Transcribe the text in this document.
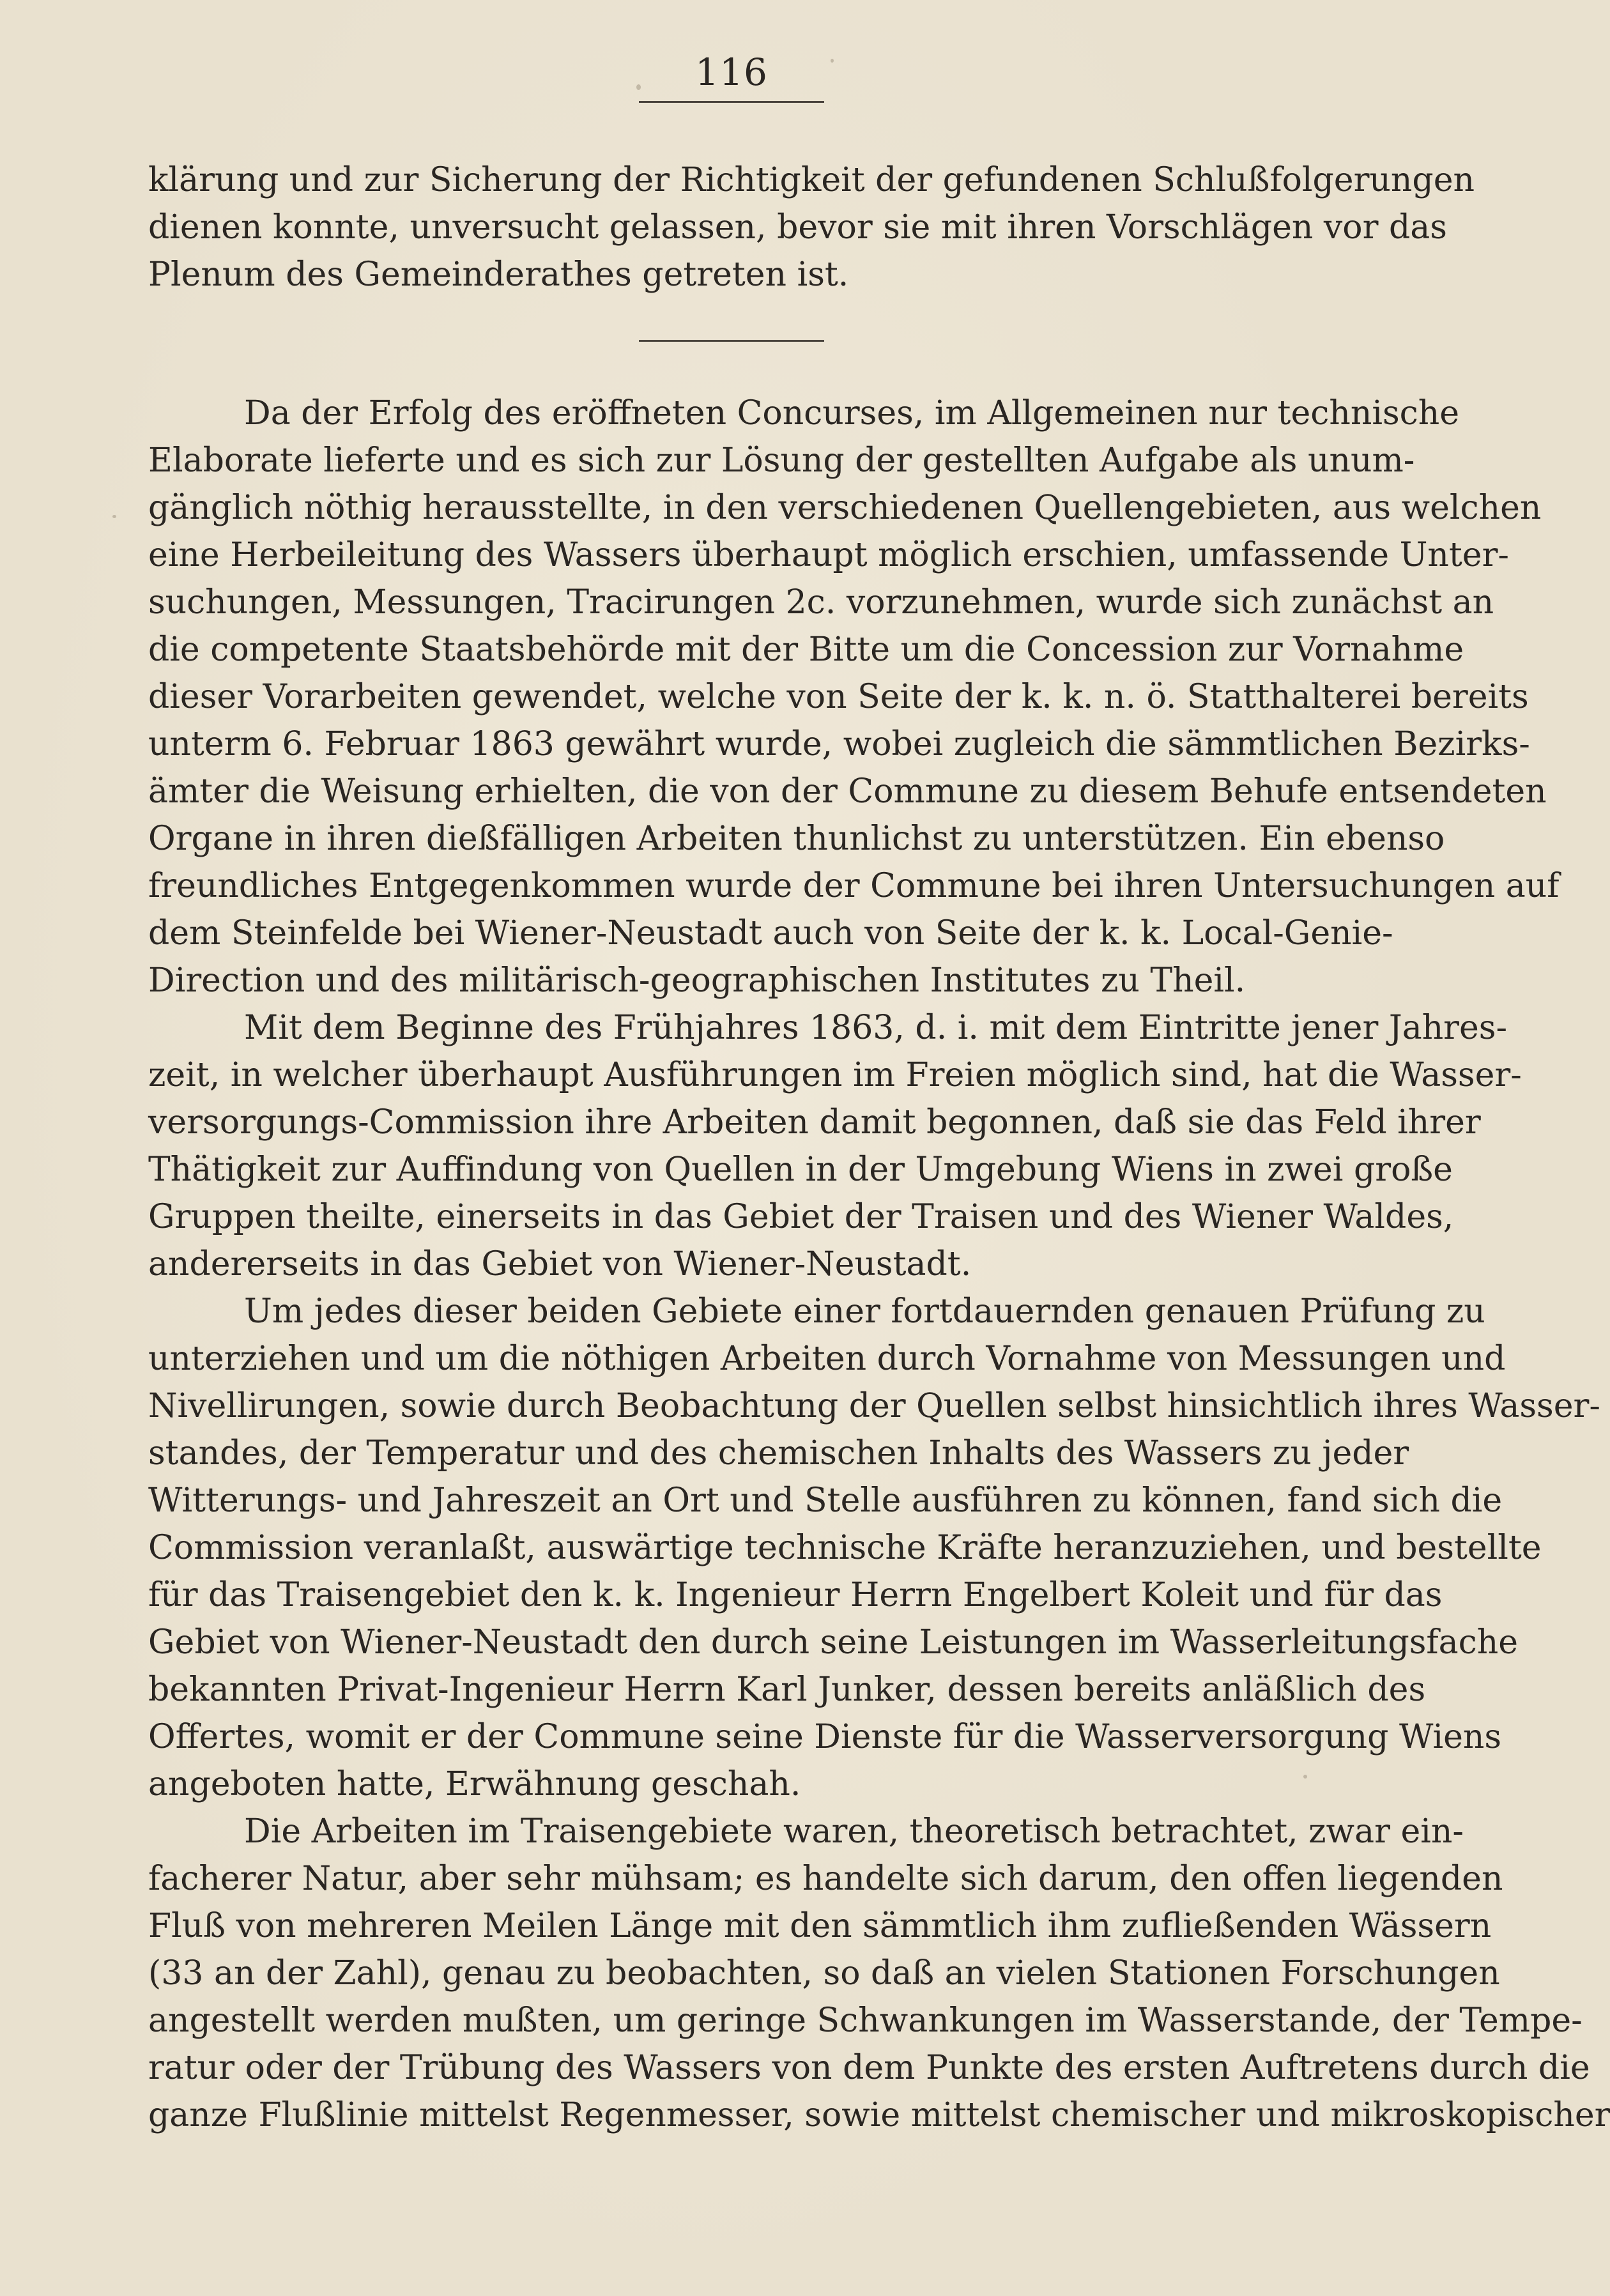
116
klärung und zur Sicherung der Richtigkeit der gefundenen Schlußfolgerungen
dienen konnte, unversucht gelassen, bevor sie mit ihren Vorschlägen vor das
Plenum des Gemeinderathes getreten ist.
Da der Erfolg des eröffneten Concurses, im Allgemeinen nur technische
Elaborate lieferte und es sich zur Lösung der gestellten Aufgabe als unum-
gänglich nöthig herausstellte, in den verschiedenen Quellengebieten, aus welchen
eine Herbeileitung des Wassers überhaupt möglich erschien, umfassende Unter-
suchungen, Messungen, Tracirungen 2c. vorzunehmen, wurde sich zunächst an
die competente Staatsbehörde mit der Bitte um die Concession zur Vornahme
dieser Vorarbeiten gewendet, welche von Seite der k. k. n. ö. Statthalterei bereits
unterm 6. Februar 1863 gewährt wurde, wobei zugleich die sämmtlichen Bezirks-
ämter die Weisung erhielten, die von der Commune zu diesem Behufe entsendeten
Organe in ihren dießfälligen Arbeiten thunlichst zu unterstützen. Ein ebenso
freundliches Entgegenkommen wurde der Commune bei ihren Untersuchungen auf
dem Steinfelde bei Wiener-Neustadt auch von Seite der k. k. Local-Genie-
Direction und des militärisch-geographischen Institutes zu Theil.
Mit dem Beginne des Frühjahres 1863, d. i. mit dem Eintritte jener Jahres-
zeit, in welcher überhaupt Ausführungen im Freien möglich sind, hat die Wasser-
versorgungs-Commission ihre Arbeiten damit begonnen, daß sie das Feld ihrer
Thätigkeit zur Auffindung von Quellen in der Umgebung Wiens in zwei große
Gruppen theilte, einerseits in das Gebiet der Traisen und des Wiener Waldes,
andererseits in das Gebiet von Wiener-Neustadt.
Um jedes dieser beiden Gebiete einer fortdauernden genauen Prüfung zu
unterziehen und um die nöthigen Arbeiten durch Vornahme von Messungen und
Nivellirungen, sowie durch Beobachtung der Quellen selbst hinsichtlich ihres Wasser-
standes, der Temperatur und des chemischen Inhalts des Wassers zu jeder
Witterungs- und Jahreszeit an Ort und Stelle ausführen zu können, fand sich die
Commission veranlaßt, auswärtige technische Kräfte heranzuziehen, und bestellte
für das Traisengebiet den k. k. Ingenieur Herrn Engelbert Koleit und für das
Gebiet von Wiener-Neustadt den durch seine Leistungen im Wasserleitungsfache
bekannten Privat-Ingenieur Herrn Karl Junker, dessen bereits anläßlich des
Offertes, womit er der Commune seine Dienste für die Wasserversorgung Wiens
angeboten hatte, Erwähnung geschah.
Die Arbeiten im Traisengebiete waren, theoretisch betrachtet, zwar ein-
facherer Natur, aber sehr mühsam; es handelte sich darum, den offen liegenden
Fluß von mehreren Meilen Länge mit den sämmtlich ihm zufließenden Wässern
(33 an der Zahl), genau zu beobachten, so daß an vielen Stationen Forschungen
angestellt werden mußten, um geringe Schwankungen im Wasserstande, der Tempe-
ratur oder der Trübung des Wassers von dem Punkte des ersten Auftretens durch die
ganze Flußlinie mittelst Regenmesser, sowie mittelst chemischer und mikroskopischer
